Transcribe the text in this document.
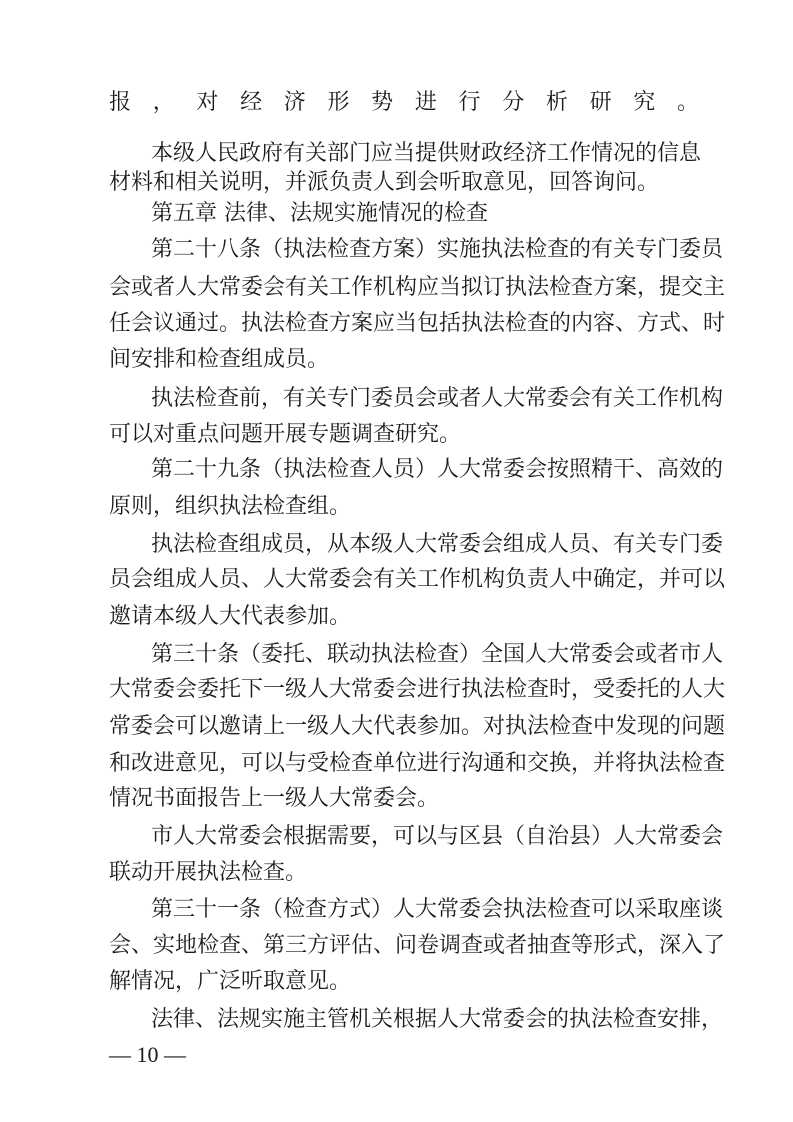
报，对经济形势进行分析研究。
本级人民政府有关部门应当提供财政经济工作情况的信息
材料和相关说明，并派负责人到会听取意见，回答询问。
第五章 法律、法规实施情况的检查
第二十八条（执法检查方案）实施执法检查的有关专门委员
会或者人大常委会有关工作机构应当拟订执法检查方案，提交主
任会议通过。执法检查方案应当包括执法检查的内容、方式、时
间安排和检查组成员。
执法检查前，有关专门委员会或者人大常委会有关工作机构
可以对重点问题开展专题调查研究。
第二十九条（执法检查人员）人大常委会按照精干、高效的
原则，组织执法检查组。
执法检查组成员，从本级人大常委会组成人员、有关专门委
员会组成人员、人大常委会有关工作机构负责人中确定，并可以
邀请本级人大代表参加。
第三十条（委托、联动执法检查）全国人大常委会或者市人
大常委会委托下一级人大常委会进行执法检查时，受委托的人大
常委会可以邀请上一级人大代表参加。对执法检查中发现的问题
和改进意见，可以与受检查单位进行沟通和交换，并将执法检查
情况书面报告上一级人大常委会。
市人大常委会根据需要，可以与区县（自治县）人大常委会
联动开展执法检查。
第三十一条（检查方式）人大常委会执法检查可以采取座谈
会、实地检查、第三方评估、问卷调查或者抽查等形式，深入了
解情况，广泛听取意见。
法律、法规实施主管机关根据人大常委会的执法检查安排，
— 10 —
